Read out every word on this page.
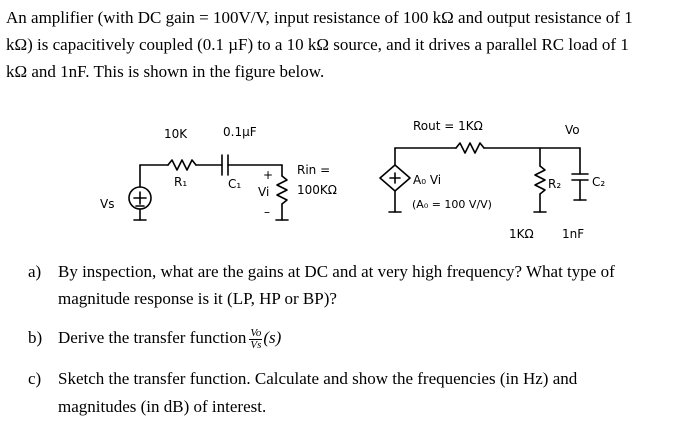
An amplifier (with DC gain = 100V/V, input resistance of 100 kΩ and output resistance of 1

kΩ) is capacitively coupled (0.1 µF) to a 10 kΩ source, and it drives a parallel RC load of 1

kΩ and 1nF. This is shown in the figure below.

10K	0.1µF
R₁	C₁
Vs
+
Vi
–
Rin =
100KΩ
Rout = 1KΩ	Vo
A₀ Vi
(A₀ = 100 V/V)
R₂	C₂
1KΩ 1nF
a) By inspection, what are the gains at DC and at very high frequency? What type of
magnitude response is it (LP, HP or BP)?
b) Derive the transfer function $\frac{Vo}{Vs} (s)$
c) Sketch the transfer function. Calculate and show the frequencies (in Hz) and
magnitudes (in dB) of interest.
